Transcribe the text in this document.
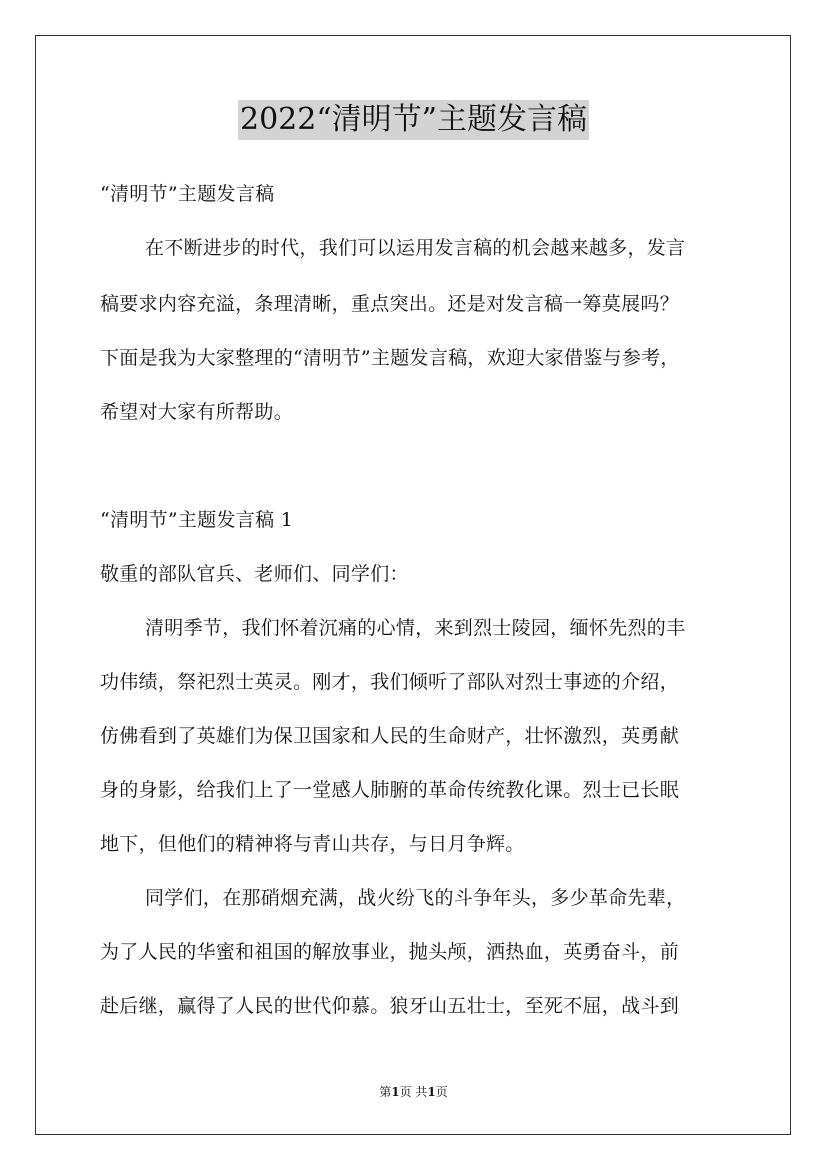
2022“清明节”主题发言稿
“清明节”主题发言稿
在不断进步的时代，我们可以运用发言稿的机会越来越多，发言
稿要求内容充溢，条理清晰，重点突出。还是对发言稿一筹莫展吗？
下面是我为大家整理的“清明节”主题发言稿，欢迎大家借鉴与参考，
希望对大家有所帮助。
“清明节”主题发言稿 1
敬重的部队官兵、老师们、同学们：
清明季节，我们怀着沉痛的心情，来到烈士陵园，缅怀先烈的丰
功伟绩，祭祀烈士英灵。刚才，我们倾听了部队对烈士事迹的介绍，
仿佛看到了英雄们为保卫国家和人民的生命财产，壮怀激烈，英勇献
身的身影，给我们上了一堂感人肺腑的革命传统教化课。烈士已长眠
地下，但他们的精神将与青山共存，与日月争辉。
同学们，在那硝烟充满，战火纷飞的斗争年头，多少革命先辈，
为了人民的华蜜和祖国的解放事业，抛头颅，洒热血，英勇奋斗，前
赴后继，赢得了人民的世代仰慕。狼牙山五壮士，至死不屈，战斗到
第1页 共1页
